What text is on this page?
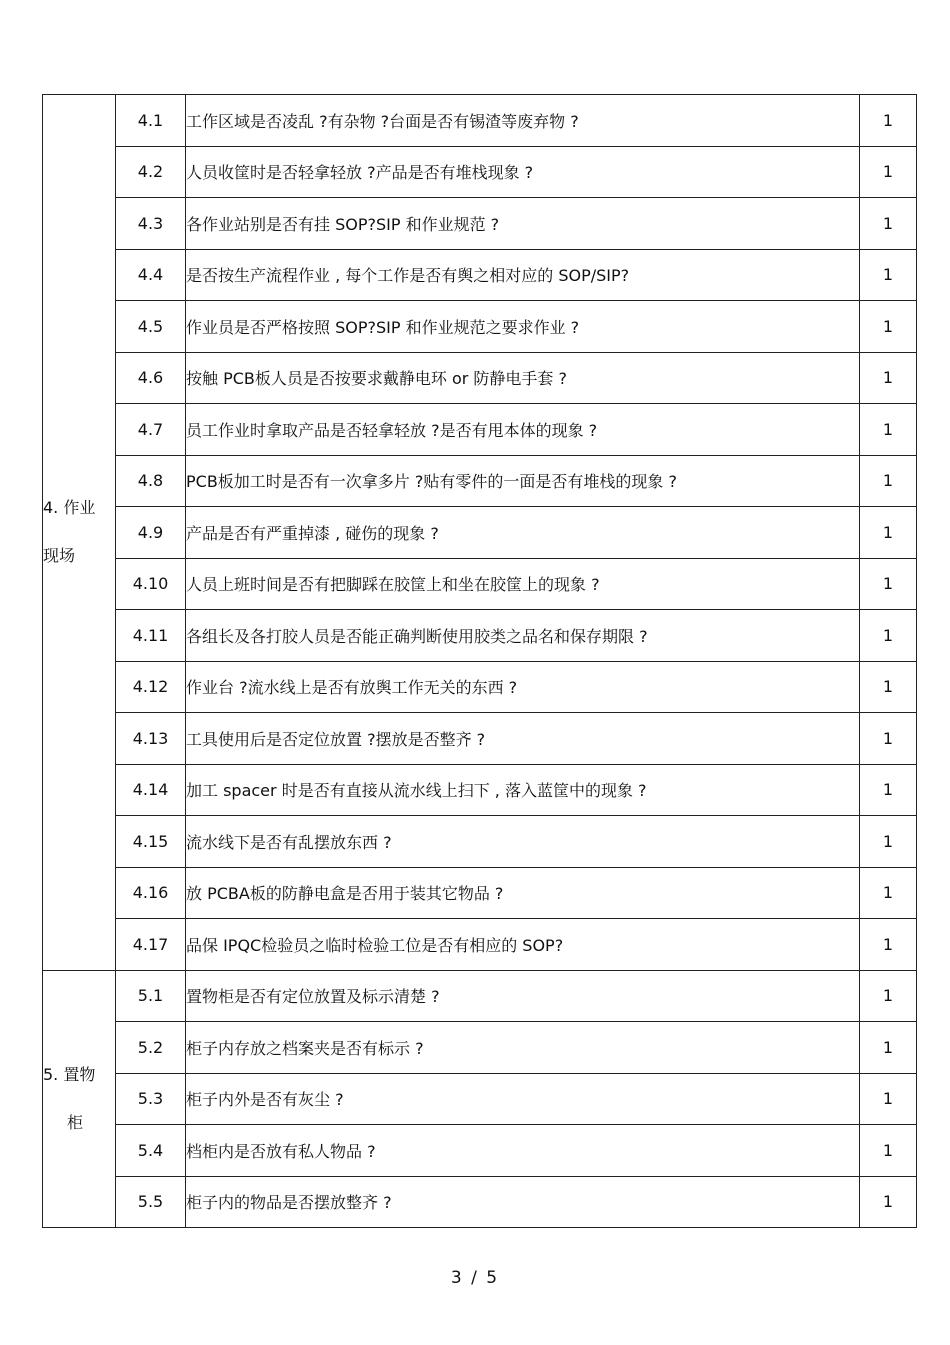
4. 作业
现场	4.1	工作区域是否凌乱 ?有杂物 ?台面是否有锡渣等废弃物 ?	1
	4.2	人员收筐时是否轻拿轻放 ?产品是否有堆栈现象 ?	1
	4.3	各作业站别是否有挂 SOP?SIP 和作业规范 ?	1
	4.4	是否按生产流程作业 , 每个工作是否有舆之相对应的 SOP/SIP?	1
	4.5	作业员是否严格按照 SOP?SIP 和作业规范之要求作业 ?	1
	4.6	按触 PCB板人员是否按要求戴静电环 or 防静电手套 ?	1
	4.7	员工作业时拿取产品是否轻拿轻放 ?是否有甩本体的现象 ?	1
	4.8	PCB板加工时是否有一次拿多片 ?贴有零件的一面是否有堆栈的现象 ?	1
	4.9	产品是否有严重掉漆 , 碰伤的现象 ?	1
	4.10	人员上班时间是否有把脚踩在胶筐上和坐在胶筐上的现象 ?	1
	4.11	各组长及各打胶人员是否能正确判断使用胶类之品名和保存期限 ?	1
	4.12	作业台 ?流水线上是否有放舆工作无关的东西 ?	1
	4.13	工具使用后是否定位放置 ?摆放是否整齐 ?	1
	4.14	加工 spacer 时是否有直接从流水线上扫下 , 落入蓝筐中的现象 ?	1
	4.15	流水线下是否有乱摆放东西 ?	1
	4.16	放 PCBA板的防静电盒是否用于装其它物品 ?	1
	4.17	品保 IPQC检验员之临时检验工位是否有相应的 SOP?	1

5. 置物
柜	5.1	置物柜是否有定位放置及标示清楚 ?	1
	5.2	柜子内存放之档案夹是否有标示 ?	1
	5.3	柜子内外是否有灰尘 ?	1
	5.4	档柜内是否放有私人物品 ?	1
	5.5	柜子内的物品是否摆放整齐 ?	1
3 / 5
